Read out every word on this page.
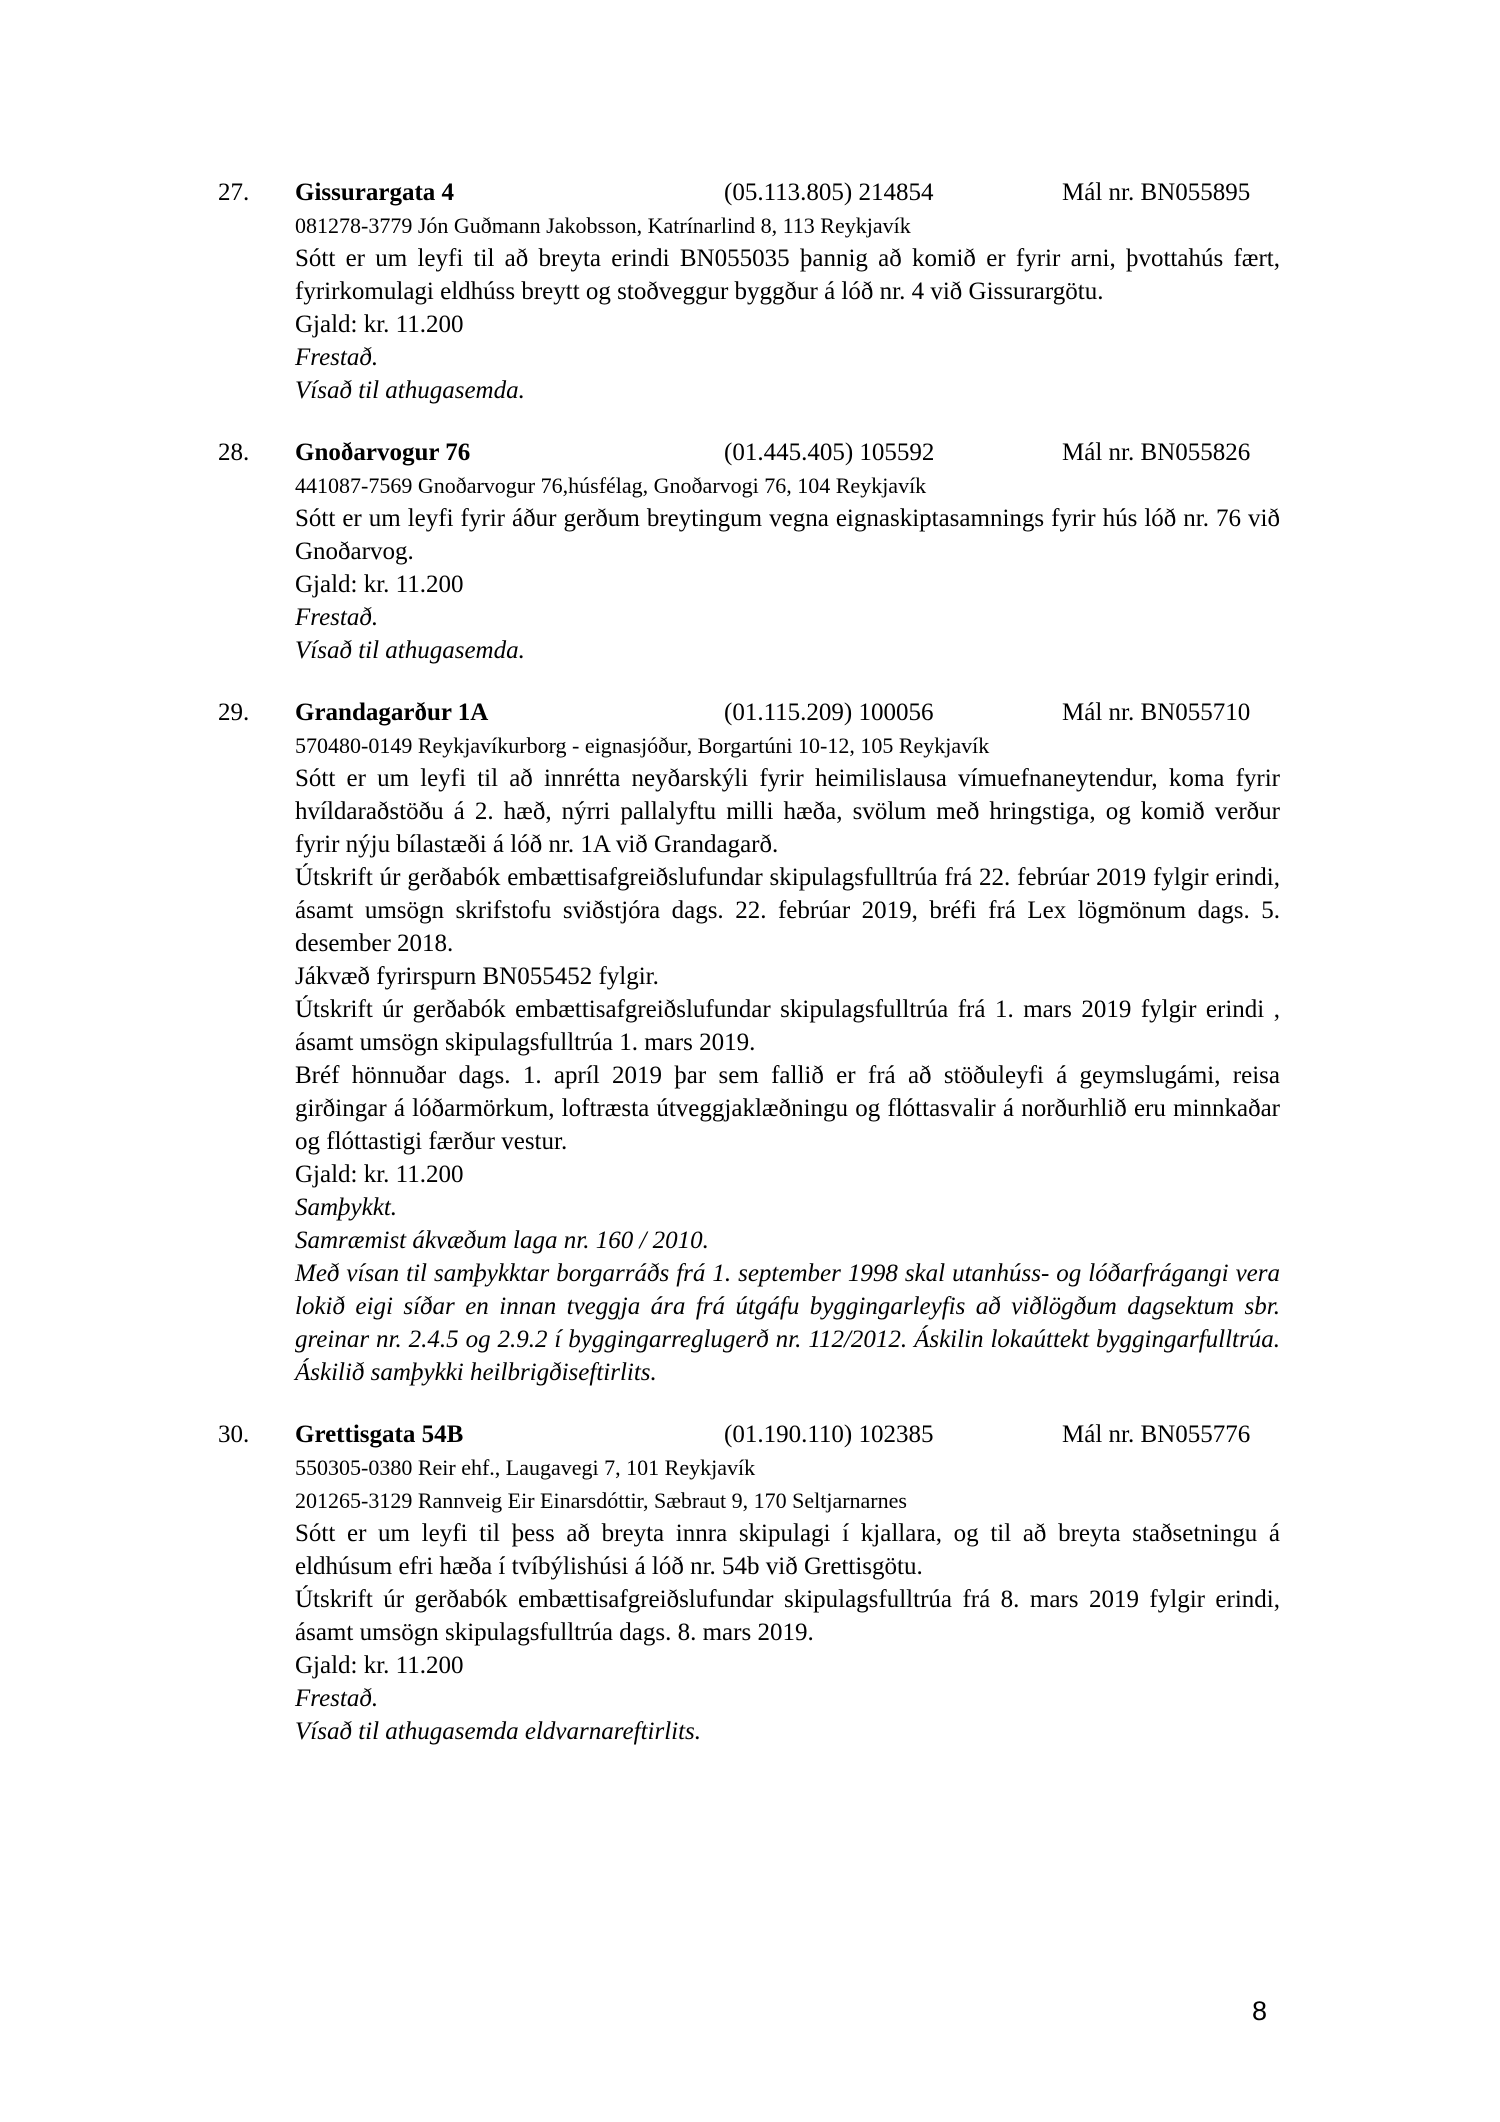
27.	Gissurargata 4	(05.113.805) 214854	Mál nr. BN055895

081278-3779 Jón Guðmann Jakobsson, Katrínarlind 8, 113 Reykjavík

Sótt er um leyfi til að breyta erindi BN055035 þannig að komið er fyrir arni, þvottahús fært, fyrirkomulagi eldhúss breytt og stoðveggur byggður á lóð nr. 4 við Gissurargötu.

Gjald: kr. 11.200

Frestað.

Vísað til athugasemda.

28.	Gnoðarvogur 76	(01.445.405) 105592	Mál nr. BN055826

441087-7569 Gnoðarvogur 76,húsfélag, Gnoðarvogi 76, 104 Reykjavík

Sótt er um leyfi fyrir áður gerðum breytingum vegna eignaskiptasamnings fyrir hús lóð nr. 76 við Gnoðarvog.

Gjald: kr. 11.200

Frestað.

Vísað til athugasemda.

29.	Grandagarður 1A	(01.115.209) 100056	Mál nr. BN055710

570480-0149 Reykjavíkurborg - eignasjóður, Borgartúni 10-12, 105 Reykjavík

Sótt er um leyfi til að innrétta neyðarskýli fyrir heimilislausa vímuefnaneytendur, koma fyrir hvíldaraðstöðu á 2. hæð, nýrri pallalyftu milli hæða, svölum með hringstiga, og komið verður fyrir nýju bílastæði á lóð nr. 1A við Grandagarð.

Útskrift úr gerðabók embættisafgreiðslufundar skipulagsfulltrúa frá 22. febrúar 2019 fylgir erindi, ásamt umsögn skrifstofu sviðstjóra dags. 22. febrúar 2019, bréfi frá Lex lögmönum dags. 5. desember 2018.

Jákvæð fyrirspurn BN055452 fylgir.

Útskrift úr gerðabók embættisafgreiðslufundar skipulagsfulltrúa frá 1. mars 2019 fylgir erindi , ásamt umsögn skipulagsfulltrúa 1. mars 2019.

Bréf hönnuðar dags. 1. apríl 2019 þar sem fallið er frá að stöðuleyfi á geymslugámi, reisa girðingar á lóðarmörkum, loftræsta útveggjaklæðningu og flóttasvalir á norðurhlið eru minnkaðar og flóttastigi færður vestur.

Gjald: kr. 11.200

Samþykkt.

Samræmist ákvæðum laga nr. 160 / 2010.

Með vísan til samþykktar borgarráðs frá 1. september 1998 skal utanhúss- og lóðarfrágangi vera lokið eigi síðar en innan tveggja ára frá útgáfu byggingarleyfis að viðlögðum dagsektum sbr. greinar nr. 2.4.5 og 2.9.2 í byggingarreglugerð nr. 112/2012. Áskilin lokaúttekt byggingarfulltrúa. Áskilið samþykki heilbrigðiseftirlits.

30.	Grettisgata 54B	(01.190.110) 102385	Mál nr. BN055776

550305-0380 Reir ehf., Laugavegi 7, 101 Reykjavík

201265-3129 Rannveig Eir Einarsdóttir, Sæbraut 9, 170 Seltjarnarnes

Sótt er um leyfi til þess að breyta innra skipulagi í kjallara, og til að breyta staðsetningu á eldhúsum efri hæða í tvíbýlishúsi á lóð nr. 54b við Grettisgötu.

Útskrift úr gerðabók embættisafgreiðslufundar skipulagsfulltrúa frá 8. mars 2019 fylgir erindi, ásamt umsögn skipulagsfulltrúa dags. 8. mars 2019.

Gjald: kr. 11.200

Frestað.

Vísað til athugasemda eldvarnareftirlits.

8
